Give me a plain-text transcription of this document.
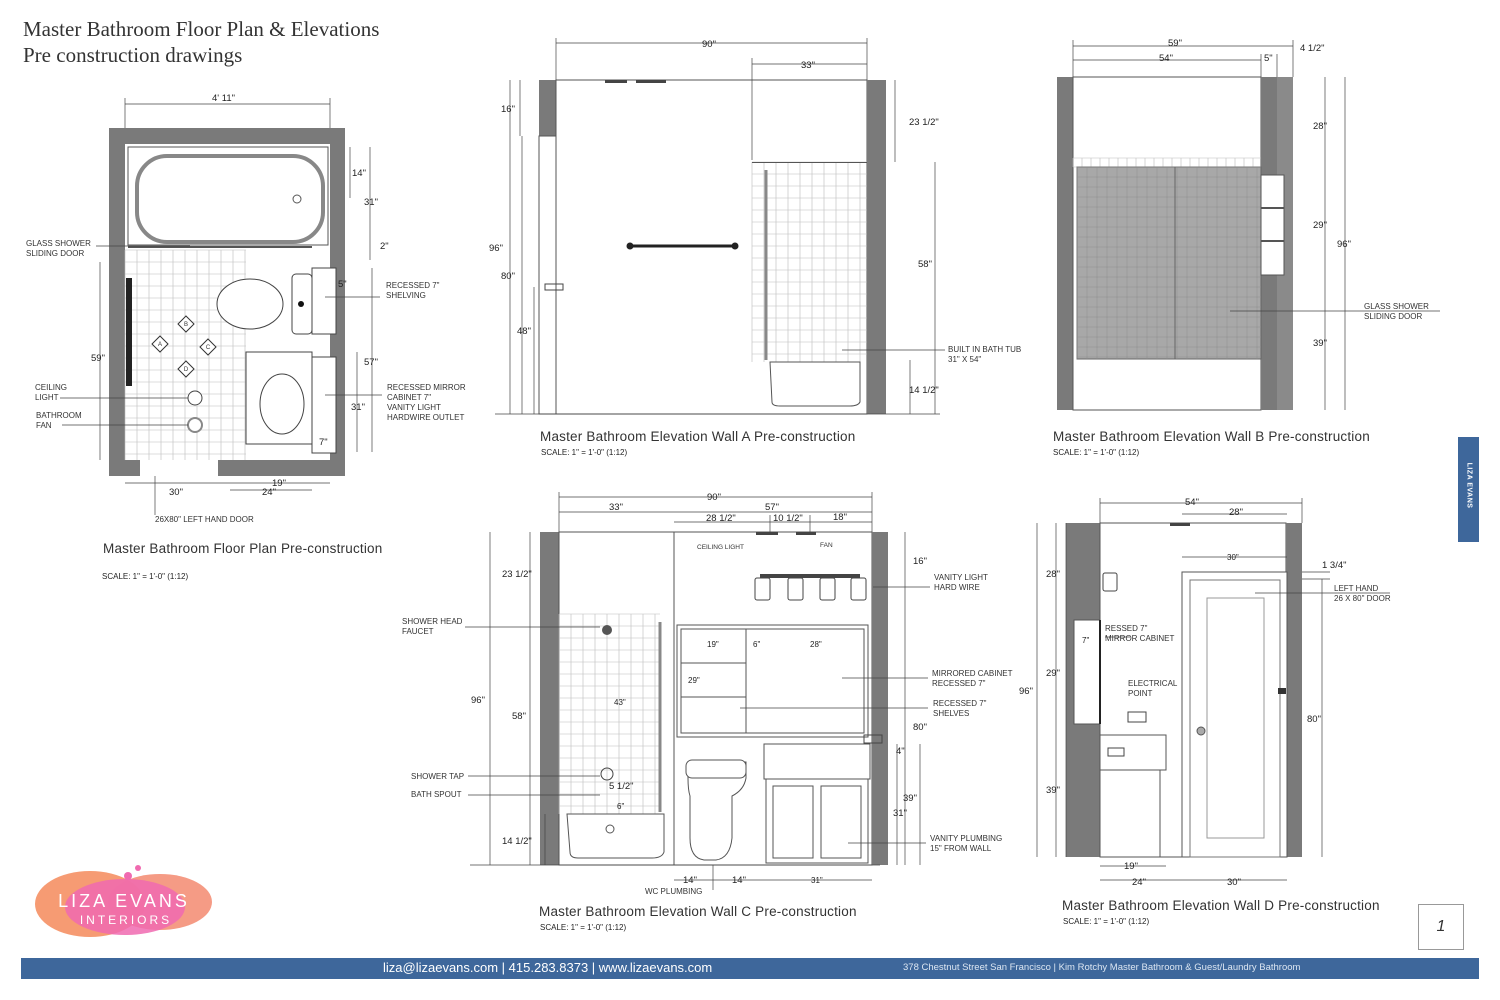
Master Bathroom Floor Plan & Elevations
Pre construction drawings
A
B
C
D
4' 11"
14"
31"
2"
5"
59"	57"
31"
7"
30"
19"
24"
GLASS SHOWER
SLIDING DOOR
CEILING
LIGHT
BATHROOM
FAN
RECESSED 7"
SHELVING
RECESSED MIRROR
CABINET 7"
VANITY LIGHT
HARDWIRE OUTLET
26X80" LEFT HAND DOOR
Master Bathroom Floor Plan Pre-construction
SCALE: 1" = 1'-0" (1:12)
90"
33"
16"
96"
80"
48"
23 1/2"
58"
14 1/2"
BUILT IN BATH TUB
31" X 54"
Master Bathroom Elevation Wall A Pre-construction
SCALE: 1" = 1'-0" (1:12)
59"
54"	5"
4 1/2"
28"
29"
96"
39"
GLASS SHOWER
SLIDING DOOR
Master Bathroom Elevation Wall B Pre-construction
SCALE: 1" = 1'-0" (1:12)
90"
33"	57"
28 1/2"	10 1/2"	18"
16"
23 1/2"
96"
58"
14 1/2"
43"
5 1/2"
6"
19"	6"	28"
29"
80"
4"
39"
31"
14"	14"	31"
SHOWER HEAD
FAUCET
SHOWER TAP
BATH SPOUT
CEILING LIGHT	FAN
VANITY LIGHT
HARD WIRE
MIRRORED CABINET
RECESSED 7"
RECESSED 7"
SHELVES
VANITY PLUMBING
15" FROM WALL
WC PLUMBING
Master Bathroom Elevation Wall C Pre-construction
SCALE: 1" = 1'-0" (1:12)
54"
28"
30"
1 3/4"
28"
7"
29"
96"
39"
80"
19"
24"	30"
RESSED 7"
MIRROR CABINET
ELECTRICAL
POINT
LEFT HAND
26 X 80" DOOR
Master Bathroom Elevation Wall D Pre-construction
SCALE: 1" = 1'-0" (1:12)
LIZA EVANS
INTERIORS
LIZA EVANS
1
liza@lizaevans.com | 415.283.8373 | www.lizaevans.com	378 Chestnut Street San Francisco | Kim Rotchy Master Bathroom & Guest/Laundry Bathroom
